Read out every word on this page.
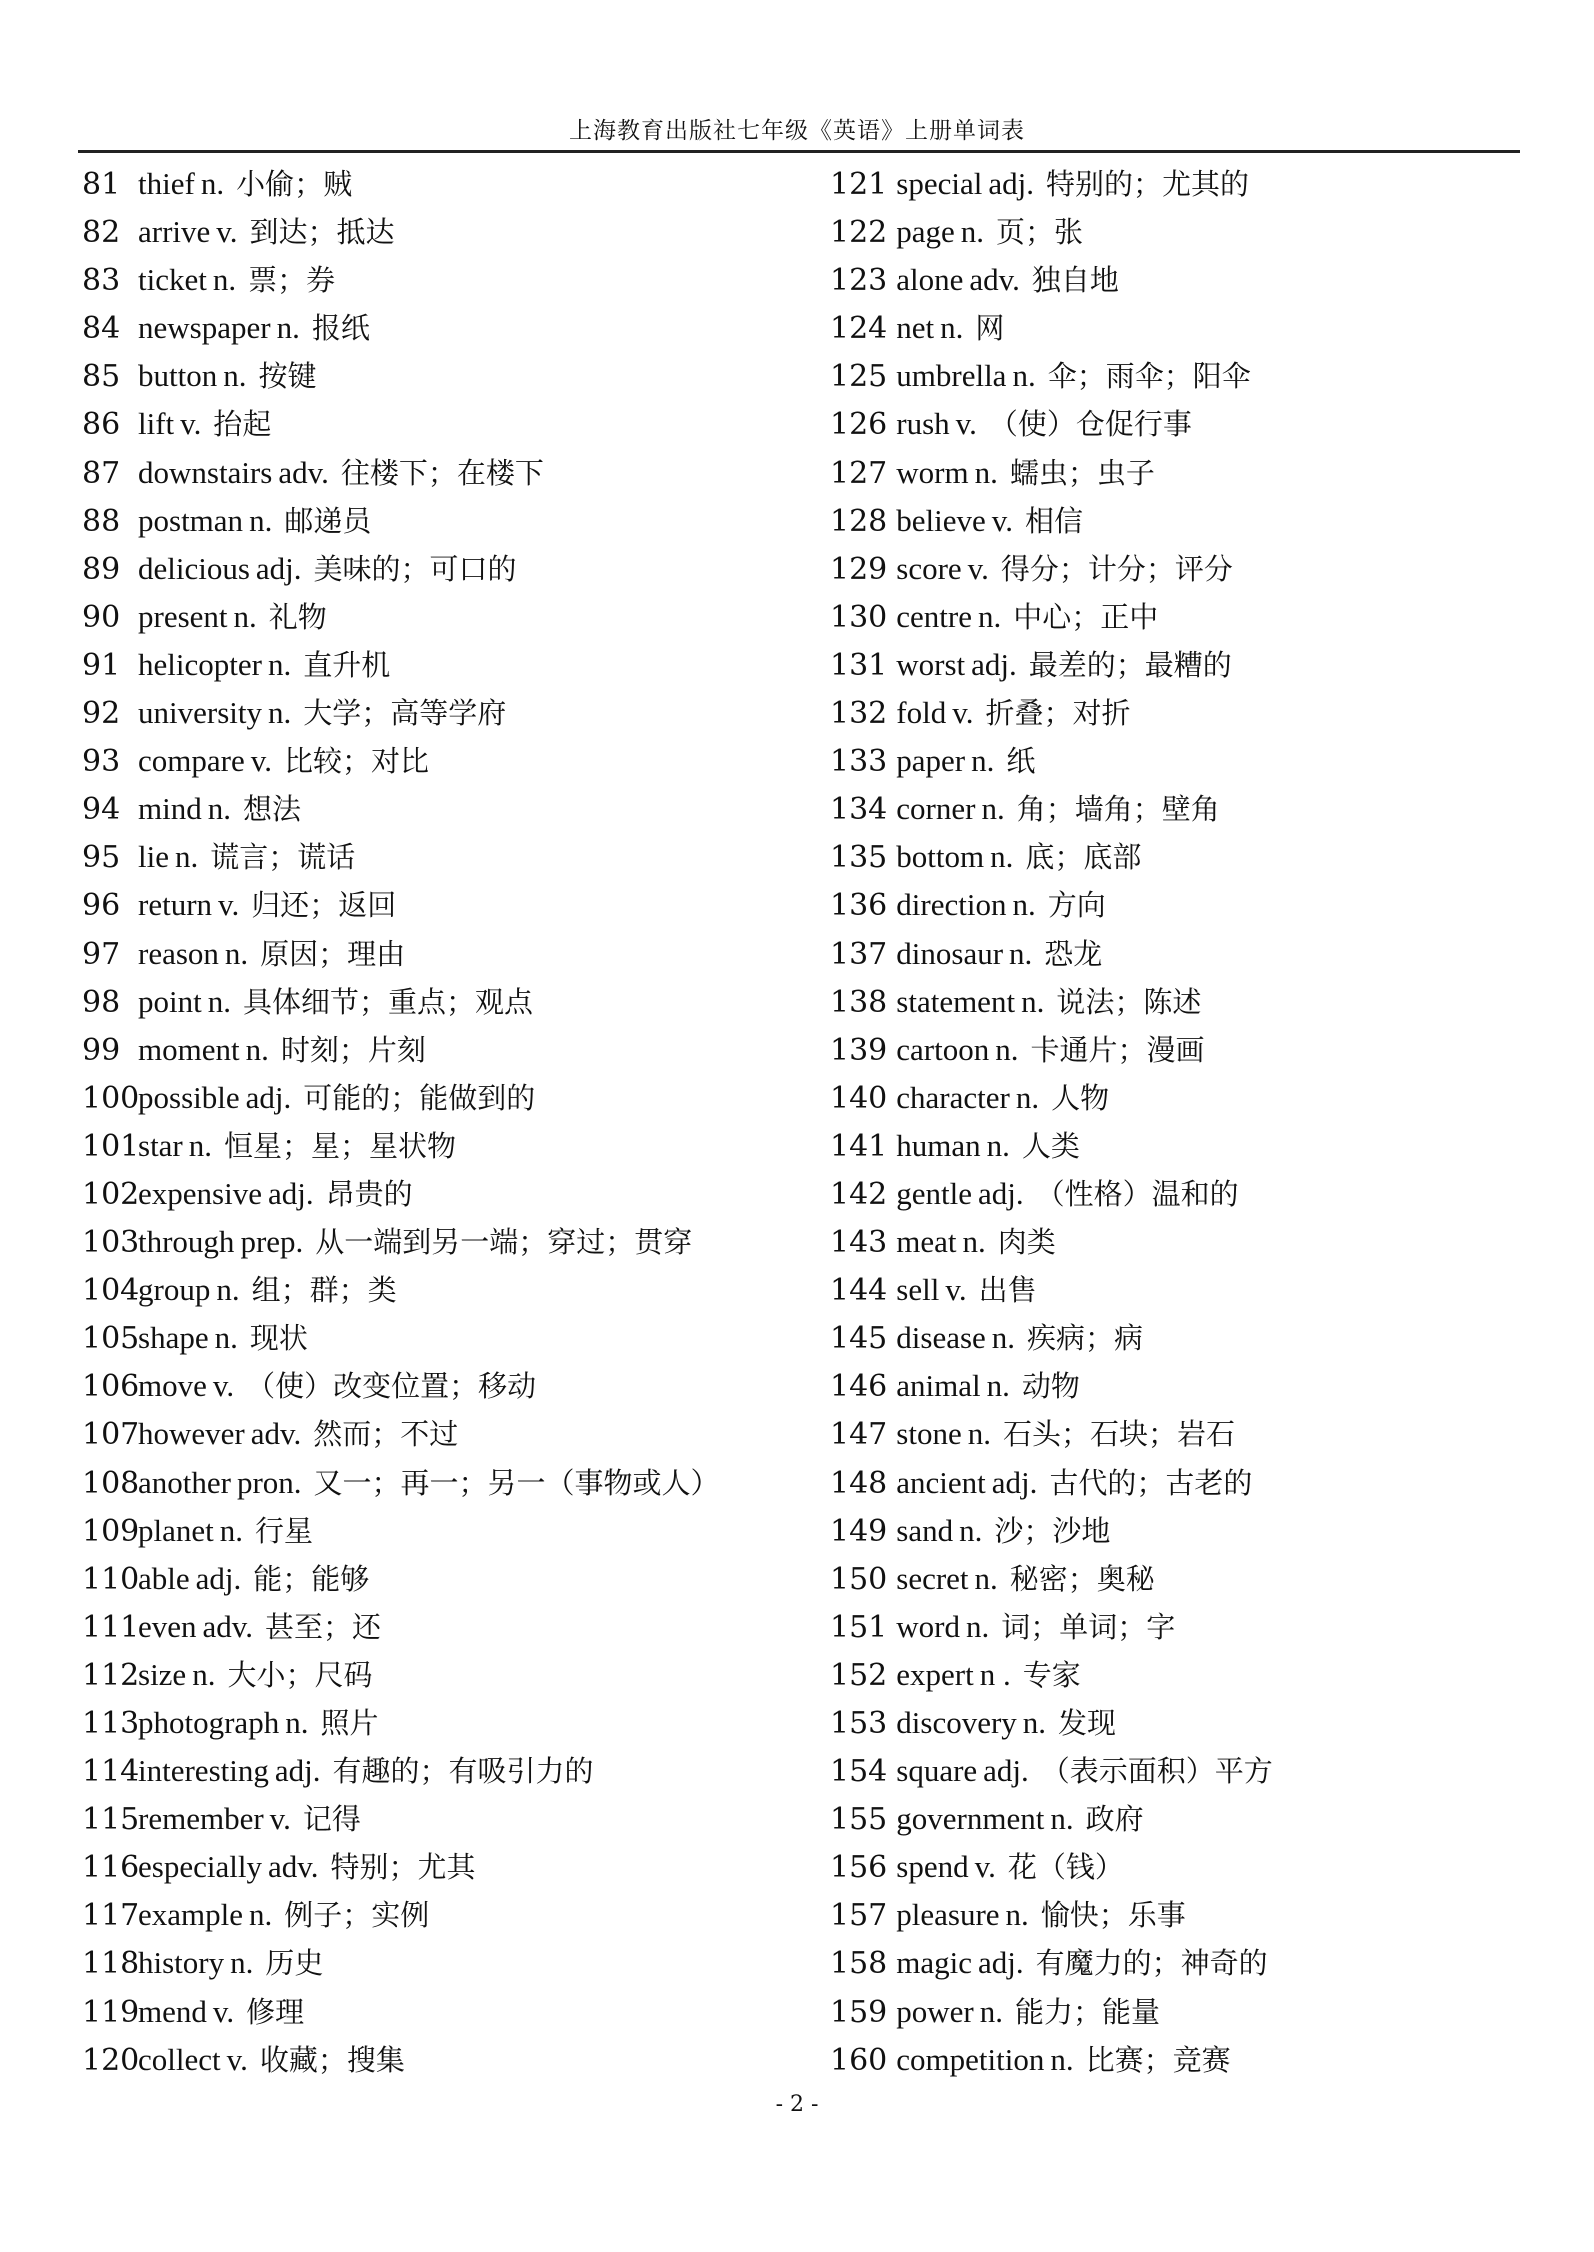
上海教育出版社七年级《英语》上册单词表
81 thief n. 小偷；贼
82 arrive v. 到达；抵达
83 ticket n. 票；券
84 newspaper n. 报纸
85 button n. 按键
86 lift v. 抬起
87 downstairs adv. 往楼下；在楼下
88 postman n. 邮递员
89 delicious adj. 美味的；可口的
90 present n. 礼物
91 helicopter n. 直升机
92 university n. 大学；高等学府
93 compare v. 比较；对比
94 mind n. 想法
95 lie n. 谎言；谎话
96 return v. 归还；返回
97 reason n. 原因；理由
98 point n. 具体细节；重点；观点
99 moment n. 时刻；片刻
100possible adj. 可能的；能做到的
101star n. 恒星；星；星状物
102expensive adj. 昂贵的
103through prep. 从一端到另一端；穿过；贯穿
104group n. 组；群；类
105shape n. 现状
106move v. （使）改变位置；移动
107however adv. 然而；不过
108another pron. 又一；再一；另一（事物或人）
109planet n. 行星
110able adj. 能；能够
111even adv. 甚至；还
112size n. 大小；尺码
113photograph n. 照片
114interesting adj. 有趣的；有吸引力的
115remember v. 记得
116especially adv. 特别；尤其
117example n. 例子；实例
118history n. 历史
119mend v. 修理
120collect v. 收藏；搜集
121 special adj. 特别的；尤其的
122 page n. 页；张
123 alone adv. 独自地
124 net n. 网
125 umbrella n. 伞；雨伞；阳伞
126 rush v. （使）仓促行事
127 worm n. 蠕虫；虫子
128 believe v. 相信
129 score v. 得分；计分；评分
130 centre n. 中心；正中
131 worst adj. 最差的；最糟的
132 fold v. 折叠；对折
133 paper n. 纸
134 corner n. 角；墙角；壁角
135 bottom n. 底；底部
136 direction n. 方向
137 dinosaur n. 恐龙
138 statement n. 说法；陈述
139 cartoon n. 卡通片；漫画
140 character n. 人物
141 human n. 人类
142 gentle adj. （性格）温和的
143 meat n. 肉类
144 sell v. 出售
145 disease n. 疾病；病
146 animal n. 动物
147 stone n. 石头；石块；岩石
148 ancient adj. 古代的；古老的
149 sand n. 沙；沙地
150 secret n. 秘密；奥秘
151 word n. 词；单词；字
152 expert n . 专家
153 discovery n. 发现
154 square adj. （表示面积）平方
155 government n. 政府
156 spend v. 花（钱）
157 pleasure n. 愉快；乐事
158 magic adj. 有魔力的；神奇的
159 power n. 能力；能量
160 competition n. 比赛；竞赛
- 2 -
